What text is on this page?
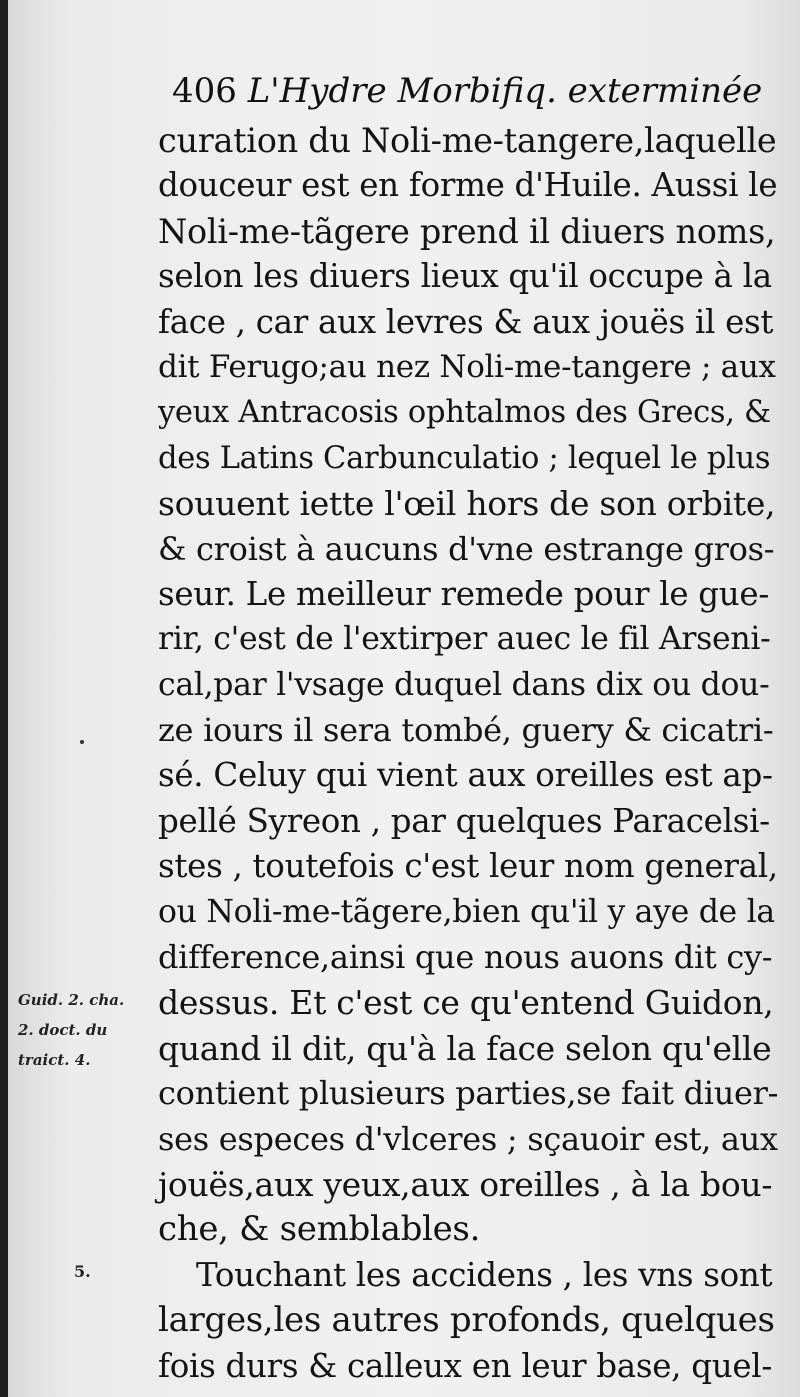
406 L'Hydre Morbifiq. exterminée
curation du Noli-me-tangere,laquelle
douceur est en forme d'Huile. Aussi le
Noli-me-tãgere prend il diuers noms,
selon les diuers lieux qu'il occupe à la
face , car aux levres & aux jouës il est
dit Ferugo;au nez Noli-me-tangere ; aux
yeux Antracosis ophtalmos des Grecs, &
des Latins Carbunculatio ; lequel le plus
souuent iette l'œil hors de son orbite,
& croist à aucuns d'vne estrange gros-
seur. Le meilleur remede pour le gue-
rir, c'est de l'extirper auec le fil Arseni-
cal,par l'vsage duquel dans dix ou dou-
ze iours il sera tombé, guery & cicatri-
sé. Celuy qui vient aux oreilles est ap-
pellé Syreon , par quelques Paracelsi-
stes , toutefois c'est leur nom general,
ou Noli-me-tãgere,bien qu'il y aye de la
difference,ainsi que nous auons dit cy-
dessus. Et c'est ce qu'entend Guidon,
quand il dit, qu'à la face selon qu'elle
contient plusieurs parties,se fait diuer-
ses especes d'vlceres ; sçauoir est, aux
jouës,aux yeux,aux oreilles , à la bou-
che, & semblables.
Touchant les accidens , les vns sont
larges,les autres profonds, quelques
fois durs & calleux en leur base, quel-
Guid. 2. cha.
2. doct. du
traict. 4.
5.
